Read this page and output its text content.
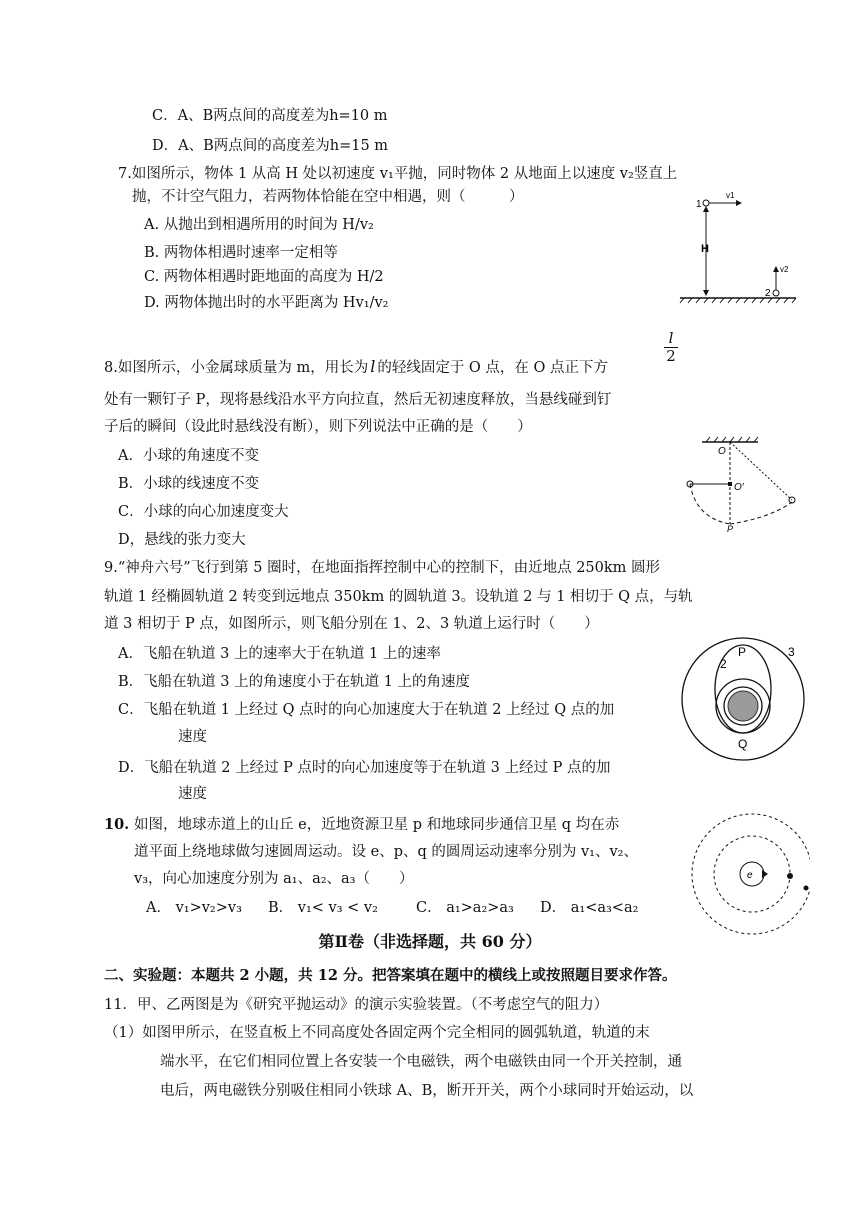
C．A、B两点间的高度差为h=10 m
D．A、B两点间的高度差为h=15 m
7.如图所示，物体 1 从高 H 处以初速度 v₁平抛，同时物体 2 从地面上以速度 v₂竖直上
抛，不计空气阻力，若两物体恰能在空中相遇，则（　　　）
A. 从抛出到相遇所用的时间为 H/v₂
B. 两物体相遇时速率一定相等
C. 两物体相遇时距地面的高度为 H/2
D. 两物体抛出时的水平距离为 Hv₁/v₂
1
v1
H
v2
2
8.如图所示，小金属球质量为 m，用长为 l 的轻线固定于 O 点，在 O 点正下方
l
2
处有一颗钉子 P，现将悬线沿水平方向拉直，然后无初速度释放，当悬线碰到钉
子后的瞬间（设此时悬线没有断），则下列说法中正确的是（　　）
A．小球的角速度不变
B．小球的线速度不变
C．小球的向心加速度变大
D，悬线的张力变大
O
O′
P
9.“神舟六号”飞行到第 5 圈时，在地面指挥控制中心的控制下，由近地点 250km 圆形
轨道 1 经椭圆轨道 2 转变到远地点 350km 的圆轨道 3。设轨道 2 与 1 相切于 Q 点，与轨
道 3 相切于 P 点，如图所示，则飞船分别在 1、2、3 轨道上运行时（　　）
A．飞船在轨道 3 上的速率大于在轨道 1 上的速率
B．飞船在轨道 3 上的角速度小于在轨道 1 上的角速度
C．飞船在轨道 1 上经过 Q 点时的向心加速度大于在轨道 2 上经过 Q 点的加
速度
D．飞船在轨道 2 上经过 P 点时的向心加速度等于在轨道 3 上经过 P 点的加
速度
P
Q
2
3
10. 如图，地球赤道上的山丘 e，近地资源卫星 p 和地球同步通信卫星 q 均在赤
道平面上绕地球做匀速圆周运动。设 e、p、q 的圆周运动速率分别为 v₁、v₂、
v₃，向心加速度分别为 a₁、a₂、a₃（　　）
A． v₁>v₂>v₃ B． v₁< v₃ < v₂	C． a₁>a₂>a₃ D． a₁<a₃<a₂
e
第Ⅱ卷（非选择题，共 60 分）
二、实验题：本题共 2 小题，共 12 分。把答案填在题中的横线上或按照题目要求作答。
11．甲、乙两图是为《研究平抛运动》的演示实验装置。（不考虑空气的阻力）
（1）如图甲所示，在竖直板上不同高度处各固定两个完全相同的圆弧轨道，轨道的末
端水平，在它们相同位置上各安装一个电磁铁，两个电磁铁由同一个开关控制，通
电后，两电磁铁分别吸住相同小铁球 A、B，断开开关，两个小球同时开始运动，以
